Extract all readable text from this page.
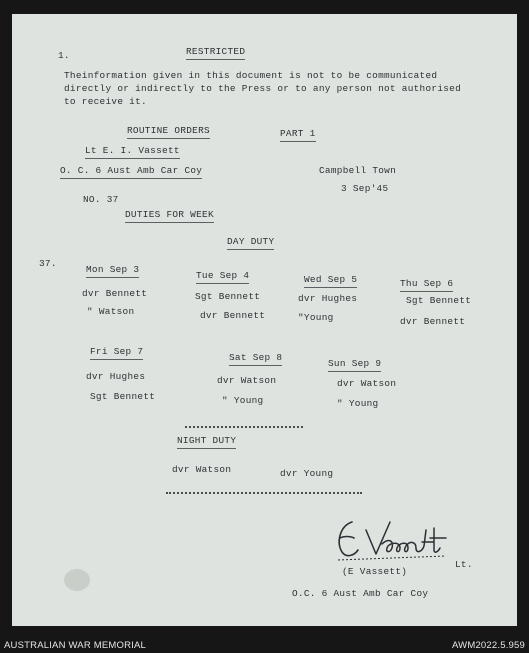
1.	RESTRICTED
Theinformation given in this document is not to be communicated
directly or indirectly to the Press or to any person not authorised
to receive it.
ROUTINE ORDERS	PART 1
Lt E. I. Vassett
O. C. 6 Aust Amb Car Coy	Campbell Town
3 Sep'45
NO. 37
DUTIES FOR WEEK
DAY DUTY
37.
Mon Sep 3
dvr Bennett
" Watson
Tue Sep 4
Sgt Bennett
dvr Bennett
Wed Sep 5
dvr Hughes
"Young
Thu Sep 6
Sgt Bennett
dvr Bennett
Fri Sep 7
dvr Hughes
Sgt Bennett
Sat Sep 8
dvr Watson
" Young
Sun Sep 9
dvr Watson
" Young
NIGHT DUTY
dvr Watson	dvr Young
Lt.
(E Vassett)
O.C. 6 Aust Amb Car Coy
AUSTRALIAN WAR MEMORIAL	AWM2022.5.959
